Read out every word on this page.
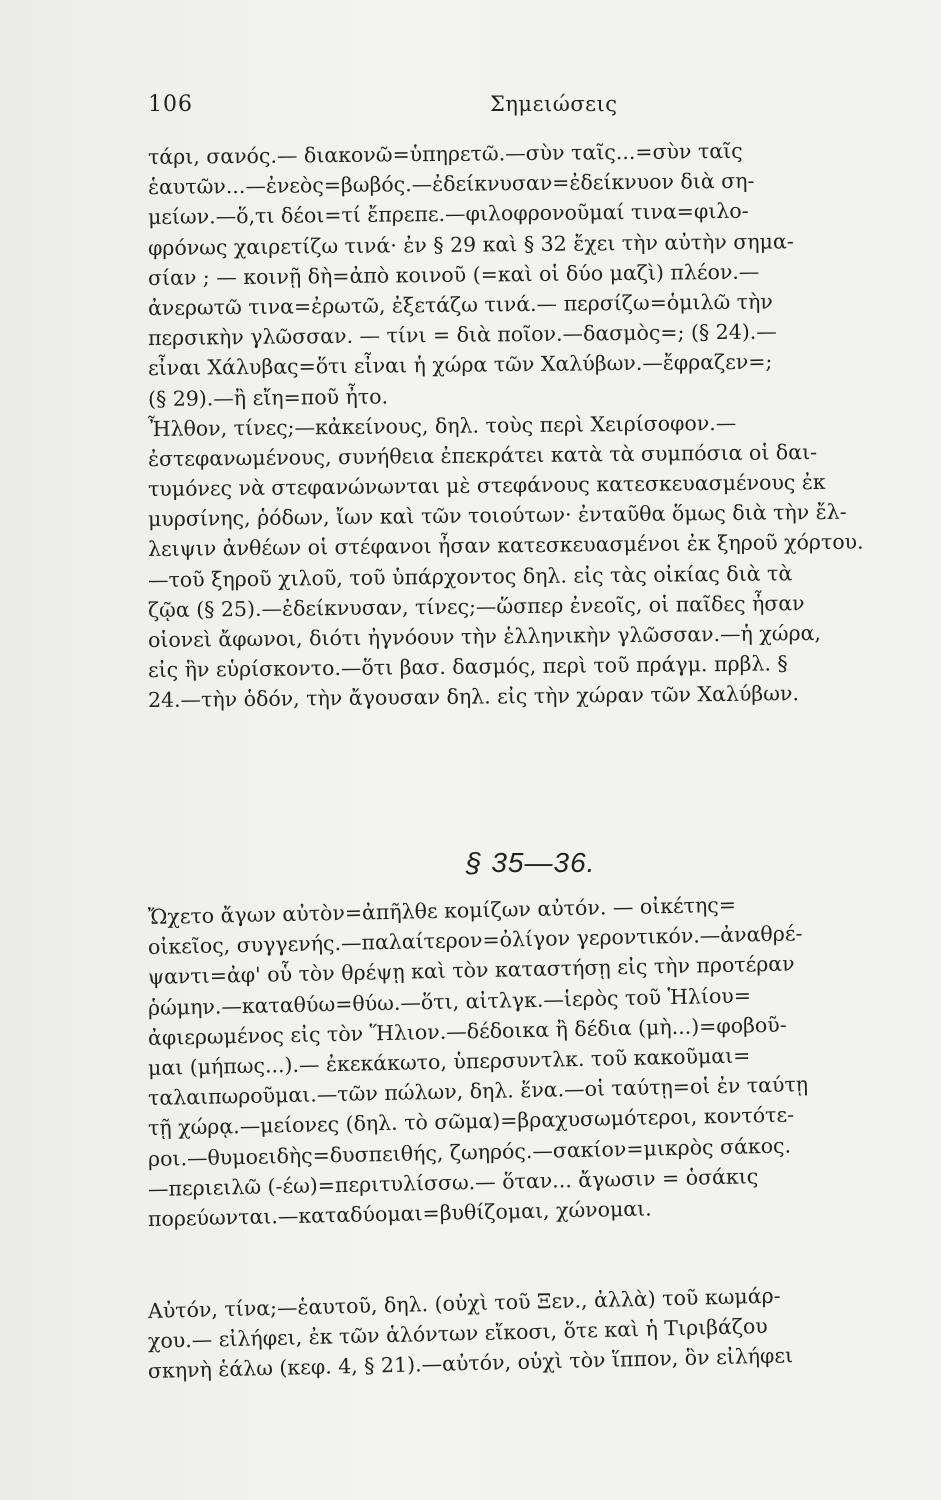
106	Σημειώσεις
τάρι, σανός.— διακονῶ=ὑπηρετῶ.—σὺν ταῖς...=σὺν ταῖς
ἑαυτῶν...—ἐνεὸς=βωβός.—ἐδείκνυσαν=ἐδείκνυον διὰ ση-
μείων.—ὅ,τι δέοι=τί ἔπρεπε.—φιλοφρονοῦμαί τινα=φιλο-
φρόνως χαιρετίζω τινά· ἐν § 29 καὶ § 32 ἔχει τὴν αὐτὴν σημα-
σίαν ; — κοινῇ δὴ=ἀπὸ κοινοῦ (=καὶ οἱ δύο μαζὶ) πλέον.—
ἀνερωτῶ τινα=ἐρωτῶ, ἐξετάζω τινά.— περσίζω=ὁμιλῶ τὴν
περσικὴν γλῶσσαν. — τίνι = διὰ ποῖον.—δασμὸς=; (§ 24).—
εἶναι Χάλυβας=ὅτι εἶναι ἡ χώρα τῶν Χαλύβων.—ἔφραζεν=;
(§ 29).—ἢ εἴη=ποῦ ἦτο.
Ἦλθον, τίνες;—κἀκείνους, δηλ. τοὺς περὶ Χειρίσοφον.—
ἐστεφανωμένους, συνήθεια ἐπεκράτει κατὰ τὰ συμπόσια οἱ δαι-
τυμόνες νὰ στεφανώνωνται μὲ στεφάνους κατεσκευασμένους ἐκ
μυρσίνης, ῥόδων, ἴων καὶ τῶν τοιούτων· ἐνταῦθα ὅμως διὰ τὴν ἔλ-
λειψιν ἀνθέων οἱ στέφανοι ἦσαν κατεσκευασμένοι ἐκ ξηροῦ χόρτου.
—τοῦ ξηροῦ χιλοῦ, τοῦ ὑπάρχοντος δηλ. εἰς τὰς οἰκίας διὰ τὰ
ζῷα (§ 25).—ἐδείκνυσαν, τίνες;—ὥσπερ ἐνεοῖς, οἱ παῖδες ἦσαν
οἱονεὶ ἄφωνοι, διότι ἠγνόουν τὴν ἑλληνικὴν γλῶσσαν.—ἡ χώρα,
εἰς ἣν εὑρίσκοντο.—ὅτι βασ. δασμός, περὶ τοῦ πράγμ. πρβλ. §
24.—τὴν ὁδόν, τὴν ἄγουσαν δηλ. εἰς τὴν χώραν τῶν Χαλύβων.
§ 35—36.
Ὤχετο ἄγων αὐτὸν=ἀπῆλθε κομίζων αὐτόν. — οἰκέτης=
οἰκεῖος, συγγενής.—παλαίτερον=ὀλίγον γεροντικόν.—ἀναθρέ-
ψαντι=ἀφ' οὗ τὸν θρέψῃ καὶ τὸν καταστήσῃ εἰς τὴν προτέραν
ῥώμην.—καταθύω=θύω.—ὅτι, αἰτλγκ.—ἱερὸς τοῦ Ἡλίου=
ἀφιερωμένος εἰς τὸν Ἥλιον.—δέδοικα ἢ δέδια (μὴ...)=φοβοῦ-
μαι (μήπως...).— ἐκεκάκωτο, ὑπερσυντλκ. τοῦ κακοῦμαι=
ταλαιπωροῦμαι.—τῶν πώλων, δηλ. ἕνα.—οἱ ταύτῃ=οἱ ἐν ταύτῃ
τῇ χώρᾳ.—μείονες (δηλ. τὸ σῶμα)=βραχυσωμότεροι, κοντότε-
ροι.—θυμοειδὴς=δυσπειθής, ζωηρός.—σακίον=μικρὸς σάκος.
—περιειλῶ (-έω)=περιτυλίσσω.— ὅταν... ἄγωσιν = ὁσάκις
πορεύωνται.—καταδύομαι=βυθίζομαι, χώνομαι.
Αὐτόν, τίνα;—ἑαυτοῦ, δηλ. (οὐχὶ τοῦ Ξεν., ἀλλὰ) τοῦ κωμάρ-
χου.— εἰλήφει, ἐκ τῶν ἁλόντων εἴκοσι, ὅτε καὶ ἡ Τιριβάζου
σκηνὴ ἑάλω (κεφ. 4, § 21).—αὐτόν, οὐχὶ τὸν ἵππον, ὃν εἰλήφει
